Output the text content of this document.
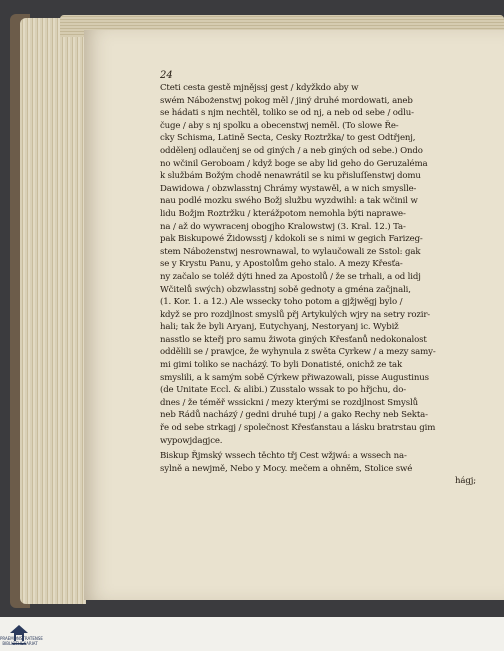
24
Cteti cesta gestě mjnějssj gest / kdyžkdo aby w
swém Nábożenstwj pokog měl / jiný druhé mordowati, aneb
se hádati s njm nechtěl, toliko se od nj, a neb od sebe / odlu-
čuge / aby s nj spolku a obecenstwj neměl. (To slowe Ře-
cky Schisma, Latině Secta, Cesky Roztržka/ to gest Odtřjenj,
oddělenj odlaučenj se od giných / a neb giných od sebe.) Ondo
no wčinil Geroboam / když boge se aby lid geho do Geruzaléma
k službám Božým chodě nenawrátil se ku přisluſſenstwj domu
Dawidowa / obzwlasstnj Chrámy wystawěl, a w nich smyslle-
nau podlé mozku swého Božj službu wyzdwihl: a tak wčinil w
lidu Božjm Roztržku / kterážpotom nemohla býti naprawe-
na / až do wywracenj obogjho Kralowstwj (3. Kral. 12.) Ta-
pak Biskupowé Židowsstj / kdokoli se s nimi w gegich Farizeg-
stem Nábożenstwj nesrownawal, to wylaučowali ze Sstol: gak
se y Krystu Panu, y Apostolům geho stalo. A mezy Křesťa-
ny začalo se toléž dýti hned za Apostolů / že se trhali, a od lidj
Wčitelů swých) obzwlasstnj sobě gednoty a gména začjnali,
(1. Kor. 1. a 12.) Ale wssecky toho potom a gjžjwěgj bylo /
když se pro rozdjlnost smyslů přj Artykulých wjry na setry rozir-
hali; tak že byli Aryanj, Eutychyanj, Nestoryanj ic. Wybiž
nasstlo se kteřj pro samu žiwota giných Křesťanů nedokonalost
oddělili se / prawjce, že wyhynula z swěta Cyrkew / a mezy samy-
mi gimi toliko se nacházý. To byli Donatisté, onichž ze tak
smyslili, a k samým sobě Cýrkew přiwazowali, pisse Augustinus
(de Unitate Eccl. & alibi.) Zusstalo wssak to po hřjchu, do-
dnes / že téměř wssickni / mezy kterými se rozdjlnost Smyslů
neb Rádů nacházý / gedni druhé tupj / a gako Rechy neb Sekta-
ře od sebe strkagj / společnost Křesťanstau a lásku bratrstau gim
wypowjdagjce.
Biskup Řjmský wssech těchto třj Cest wžjwá: a wssech na-
sylně a newjmě, Nebo y Mocy. mečem a ohněm, Stolice swé
hágj;
PRAEMONSTRATENSE
BIBLIOTHEKARIAT
